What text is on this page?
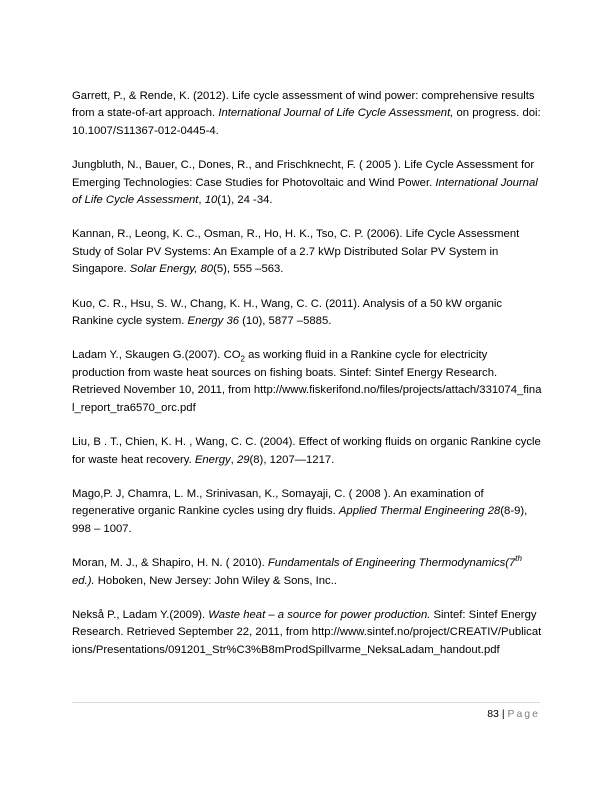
Garrett, P., & Rende, K. (2012). Life cycle assessment of wind power: comprehensive results from a state-of-art approach. International Journal of Life Cycle Assessment, on progress. doi: 10.1007/S11367-012-0445-4.

Jungbluth, N., Bauer, C., Dones, R., and Frischknecht, F. ( 2005 ). Life Cycle Assessment for Emerging Technologies: Case Studies for Photovoltaic and Wind Power. International Journal of Life Cycle Assessment, 10(1), 24 -34.

Kannan, R., Leong, K. C., Osman, R., Ho, H. K., Tso, C. P. (2006). Life Cycle Assessment Study of Solar PV Systems: An Example of a 2.7 kWp Distributed Solar PV System in Singapore. Solar Energy, 80(5), 555 –563.

Kuo, C. R., Hsu, S. W., Chang, K. H., Wang, C. C. (2011). Analysis of a 50 kW organic Rankine cycle system. Energy 36 (10), 5877 –5885.

Ladam Y., Skaugen G.(2007). $CO_2$ as working fluid in a Rankine cycle for electricity production from waste heat sources on fishing boats. Sintef: Sintef Energy Research. Retrieved November 10, 2011, from http://www.fiskerifond.no/files/projects/attach/331074_final_report_tra6570_orc.pdf

Liu, B . T., Chien, K. H. , Wang, C. C. (2004). Effect of working fluids on organic Rankine cycle for waste heat recovery. Energy, 29(8), 1207—1217.

Mago,P. J, Chamra, L. M., Srinivasan, K., Somayaji, C. ( 2008 ). An examination of regenerative organic Rankine cycles using dry fluids. Applied Thermal Engineering 28(8-9), 998 – 1007.

Moran, M. J., & Shapiro, H. N. ( 2010). Fundamentals of Engineering Thermodynamics(7th ed.). Hoboken, New Jersey: John Wiley & Sons, Inc..

Nekså P., Ladam Y.(2009). Waste heat – a source for power production. Sintef: Sintef Energy Research. Retrieved September 22, 2011, from http://www.sintef.no/project/CREATIV/Publications/Presentations/091201_Str%C3%B8mProdSpillvarme_NeksaLadam_handout.pdf

83 | Page
